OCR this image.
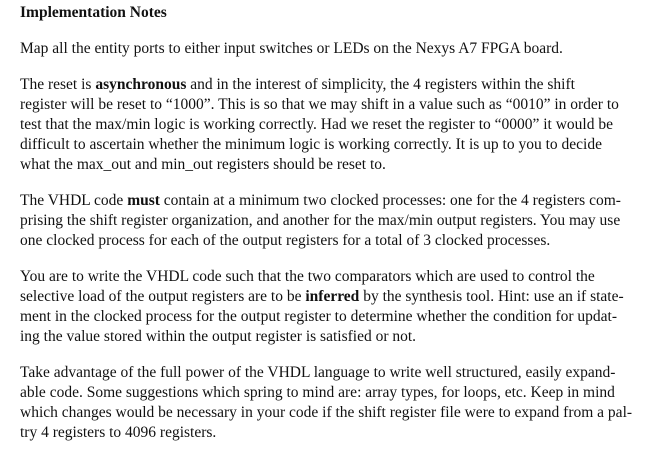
Implementation Notes
Map all the entity ports to either input switches or LEDs on the Nexys A7 FPGA board.
The reset is asynchronous and in the interest of simplicity, the 4 registers within the shift
register will be reset to “1000”. This is so that we may shift in a value such as “0010” in order to
test that the max/min logic is working correctly. Had we reset the register to “0000” it would be
difficult to ascertain whether the minimum logic is working correctly. It is up to you to decide
what the max_out and min_out registers should be reset to.
The VHDL code must contain at a minimum two clocked processes: one for the 4 registers com-
prising the shift register organization, and another for the max/min output registers. You may use
one clocked process for each of the output registers for a total of 3 clocked processes.
You are to write the VHDL code such that the two comparators which are used to control the
selective load of the output registers are to be inferred by the synthesis tool. Hint: use an if state-
ment in the clocked process for the output register to determine whether the condition for updat-
ing the value stored within the output register is satisfied or not.
Take advantage of the full power of the VHDL language to write well structured, easily expand-
able code. Some suggestions which spring to mind are: array types, for loops, etc. Keep in mind
which changes would be necessary in your code if the shift register file were to expand from a pal-
try 4 registers to 4096 registers.
